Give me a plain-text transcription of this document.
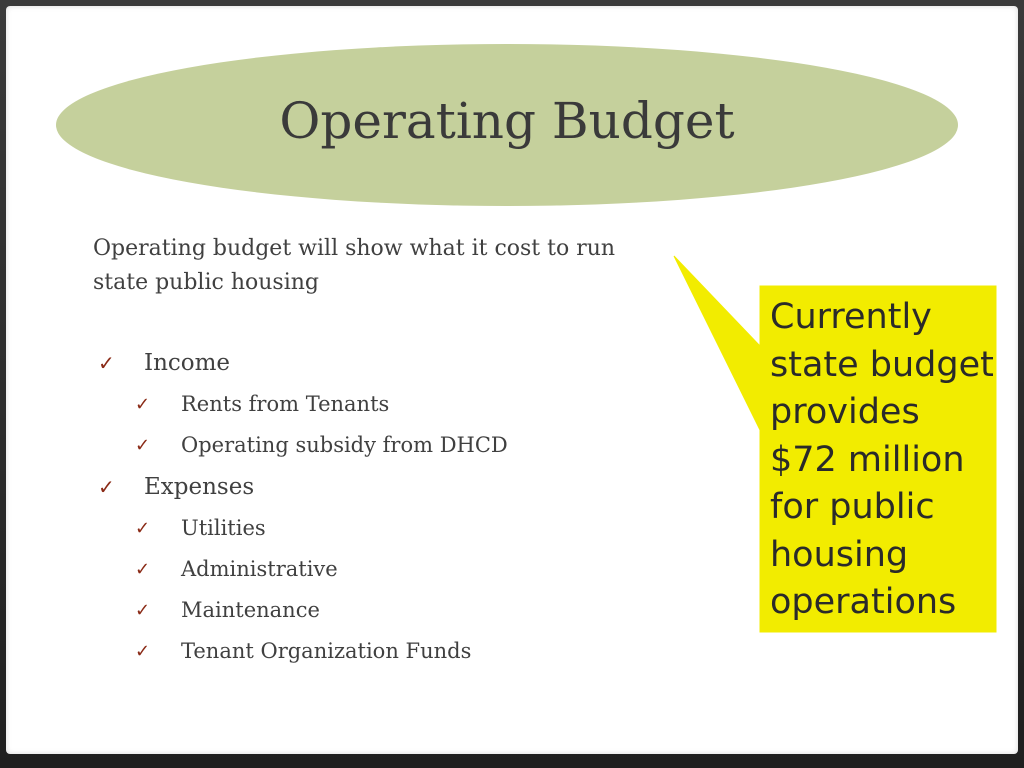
Operating Budget
Operating budget will show what it cost to run state public housing
✓ Income
✓ Rents from Tenants
✓ Operating subsidy from DHCD
✓ Expenses
✓ Utilities
✓ Administrative
✓ Maintenance
✓ Tenant Organization Funds
Currently
state budget
provides
$72 million
for public
housing
operations
